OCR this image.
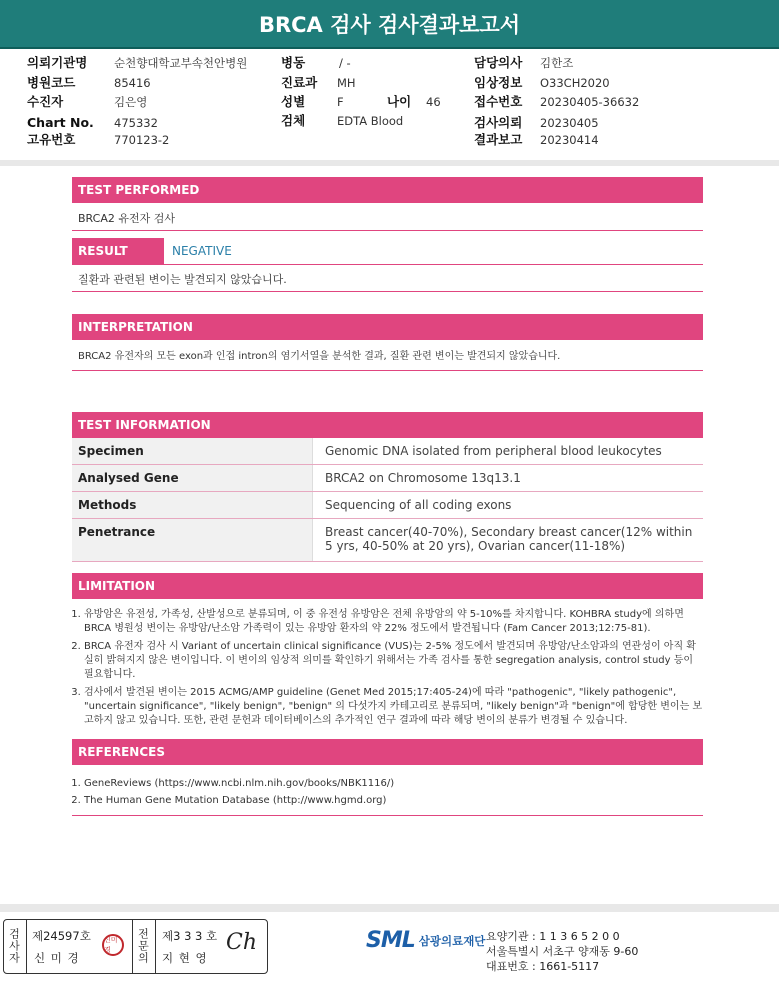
BRCA 검사 검사결과보고서
의뢰기관명 순천향대학교부속천안병원
병원코드	85416
수진자	김은영
Chart No. 475332
고유번호	770123-2
병동	/ -
진료과 MH
성별	F	나이 46
검체	EDTA Blood
담당의사 김한조
임상정보 O33CH2020
접수번호 20230405-36632
검사의뢰 20230405
결과보고 20230414
TEST PERFORMED
BRCA2 유전자 검사
RESULT	NEGATIVE
질환과 관련된 변이는 발견되지 않았습니다.
INTERPRETATION
BRCA2 유전자의 모든 exon과 인접 intron의 염기서열을 분석한 결과, 질환 관련 변이는 발견되지 않았습니다.
TEST INFORMATION
Specimen	Genomic DNA isolated from peripheral blood leukocytes
Analysed Gene	BRCA2 on Chromosome 13q13.1
Methods	Sequencing of all coding exons
Penetrance	Breast cancer(40-70%), Secondary breast cancer(12% within 5 yrs, 40-50% at 20 yrs), Ovarian cancer(11-18%)
LIMITATION
1. 유방암은 유전성, 가족성, 산발성으로 분류되며, 이 중 유전성 유방암은 전체 유방암의 약 5-10%를 차지합니다. KOHBRA study에 의하면 BRCA 병원성 변이는 유방암/난소암 가족력이 있는 유방암 환자의 약 22% 정도에서 발견됩니다 (Fam Cancer 2013;12:75-81).
2. BRCA 유전자 검사 시 Variant of uncertain clinical significance (VUS)는 2-5% 정도에서 발견되며 유방암/난소암과의 연관성이 아직 확실히 밝혀지지 않은 변이입니다. 이 변이의 임상적 의미를 확인하기 위해서는 가족 검사를 통한 segregation analysis, control study 등이 필요합니다.
3. 검사에서 발견된 변이는 2015 ACMG/AMP guideline (Genet Med 2015;17:405-24)에 따라 "pathogenic", "likely pathogenic", "uncertain significance", "likely benign", "benign" 의 다섯가지 카테고리로 분류되며, "likely benign"과 "benign"에 합당한 변이는 보고하지 않고 있습니다. 또한, 관련 문헌과 데이터베이스의 추가적인 연구 결과에 따라 해당 변이의 분류가 변경될 수 있습니다.
REFERENCES
1. GeneReviews (https://www.ncbi.nlm.nih.gov/books/NBK1116/)
2. The Human Gene Mutation Database (http://www.hgmd.org)
검사자 제24597호
신 미 경
신미경	전문의 제3 3 3 호
지 현 영
Ch	SML 삼광의료재단 요양기관 : 1 1 3 6 5 2 0 0
서울특별시 서초구 양재동 9-60
대표번호 : 1661-5117
